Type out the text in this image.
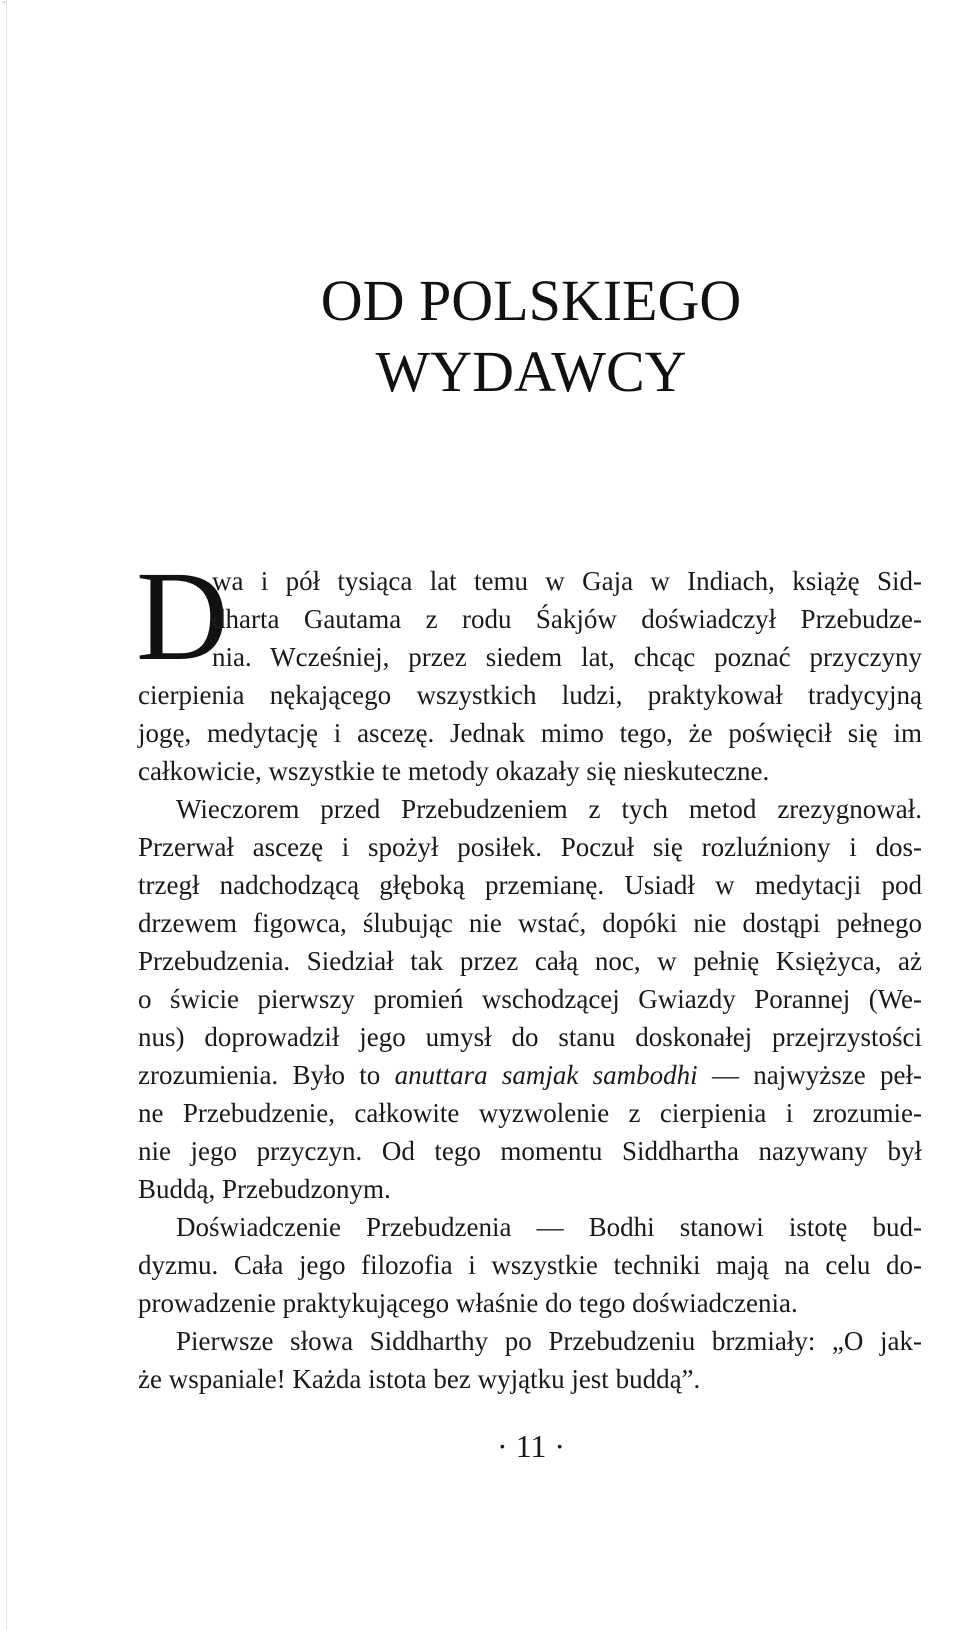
"
OD POLSKIEGO
WYDAWCY
D
wa i pół tysiąca lat temu w Gaja w Indiach, książę Sid-
dharta Gautama z rodu Śakjów doświadczył Przebudze-
nia. Wcześniej, przez siedem lat, chcąc poznać przyczyny
cierpienia nękającego wszystkich ludzi, praktykował tradycyjną
jogę, medytację i ascezę. Jednak mimo tego, że poświęcił się im
całkowicie, wszystkie te metody okazały się nieskuteczne.
Wieczorem przed Przebudzeniem z tych metod zrezygnował.
Przerwał ascezę i spożył posiłek. Poczuł się rozluźniony i dos-
trzegł nadchodzącą głęboką przemianę. Usiadł w medytacji pod
drzewem figowca, ślubując nie wstać, dopóki nie dostąpi pełnego
Przebudzenia. Siedział tak przez całą noc, w pełnię Księżyca, aż
o świcie pierwszy promień wschodzącej Gwiazdy Porannej (We-
nus) doprowadził jego umysł do stanu doskonałej przejrzystości
zrozumienia. Było to anuttara samjak sambodhi — najwyższe peł-
ne Przebudzenie, całkowite wyzwolenie z cierpienia i zrozumie-
nie jego przyczyn. Od tego momentu Siddhartha nazywany był
Buddą, Przebudzonym.
Doświadczenie Przebudzenia — Bodhi stanowi istotę bud-
dyzmu. Cała jego filozofia i wszystkie techniki mają na celu do-
prowadzenie praktykującego właśnie do tego doświadczenia.
Pierwsze słowa Siddharthy po Przebudzeniu brzmiały: „O jak-
że wspaniale! Każda istota bez wyjątku jest buddą”.
· 11 ·
